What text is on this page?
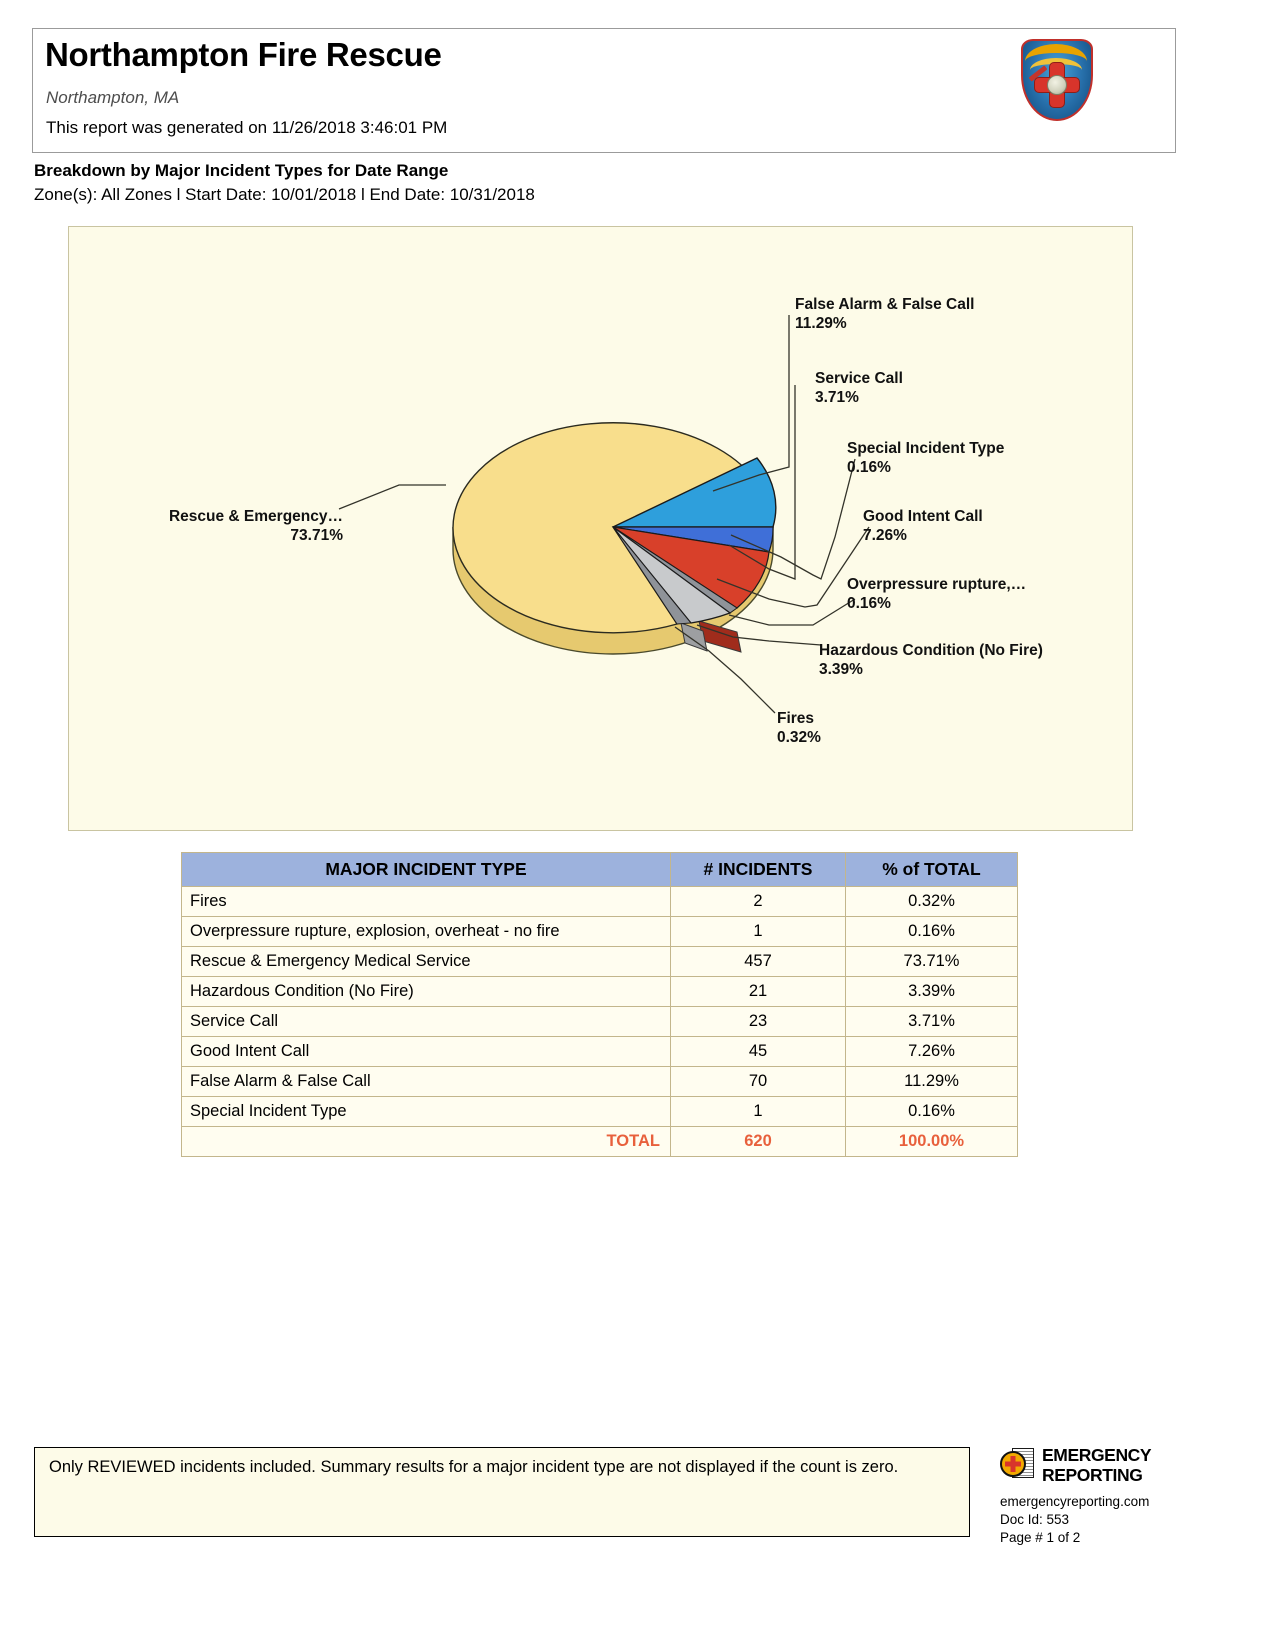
Northampton Fire Rescue
Northampton, MA
This report was generated on 11/26/2018 3:46:01 PM
Breakdown by Major Incident Types for Date Range
Zone(s): All Zones l Start Date: 10/01/2018 l End Date: 10/31/2018
False Alarm & False Call
11.29%
Service Call
3.71%
Special Incident Type
0.16%
Good Intent Call
7.26%
Overpressure rupture,…
0.16%
Hazardous Condition (No Fire)
3.39%
Fires
0.32%
Rescue & Emergency…
73.71%
MAJOR INCIDENT TYPE	# INCIDENTS	% of TOTAL
Fires	2	0.32%
Overpressure rupture, explosion, overheat - no fire	1	0.16%
Rescue & Emergency Medical Service	457	73.71%
Hazardous Condition (No Fire)	21	3.39%
Service Call	23	3.71%
Good Intent Call	45	7.26%
False Alarm & False Call	70	11.29%
Special Incident Type	1	0.16%
TOTAL	620	100.00%
Only REVIEWED incidents included. Summary results for a major incident type are not displayed if the count is zero.
EMERGENCY
REPORTING
emergencyreporting.com
Doc Id: 553
Page # 1 of 2
